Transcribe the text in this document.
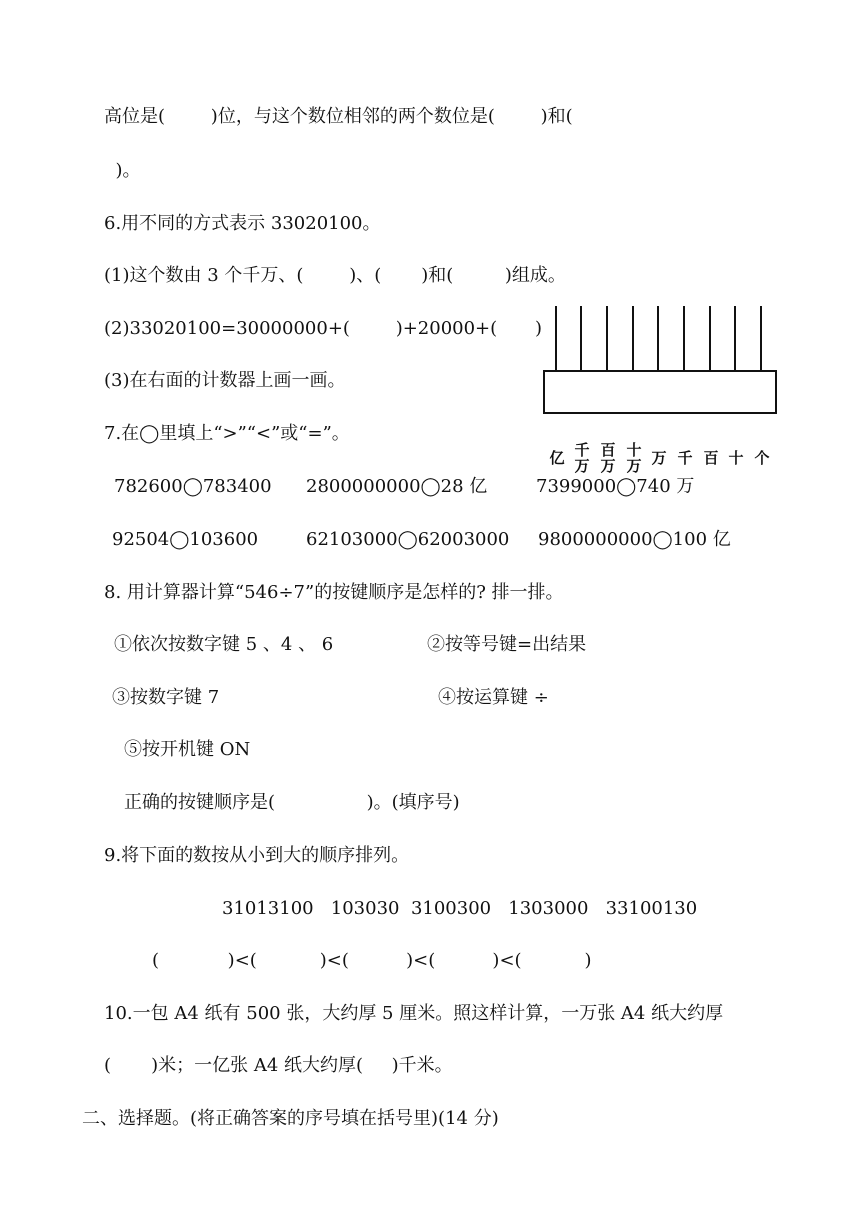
高位是(        )位，与这个数位相邻的两个数位是(        )和(
)。
6.用不同的方式表示 33020100。
(1)这个数由 3 个千万、(        )、(       )和(         )组成。
(2)33020100=30000000+(        )+20000+( )
(3)在右面的计数器上画一画。
亿 千
万
百
万
十
万 万 千 百 十 个
7.在◯里填上“>”“<”或“=”。
782600◯783400 2800000000◯28 亿	7399000◯740 万
92504◯103600	62103000◯62003000 9800000000◯100 亿
8. 用计算器计算“546÷7”的按键顺序是怎样的? 排一排。
①依次按数字键 5 、4 、 6	②按等号键=出结果
③按数字键 7	④按运算键 ÷
⑤按开机键 ON
正确的按键顺序是(                )。(填序号)
9.将下面的数按从小到大的顺序排列。
31013100   103030  3100300   1303000   33100130
(            )<(           )<(          )<(          )<(           )
10.一包 A4 纸有 500 张，大约厚 5 厘米。照这样计算，一万张 A4 纸大约厚
(       )米；一亿张 A4 纸大约厚(     )千米。
二、选择题。(将正确答案的序号填在括号里)(14 分)
